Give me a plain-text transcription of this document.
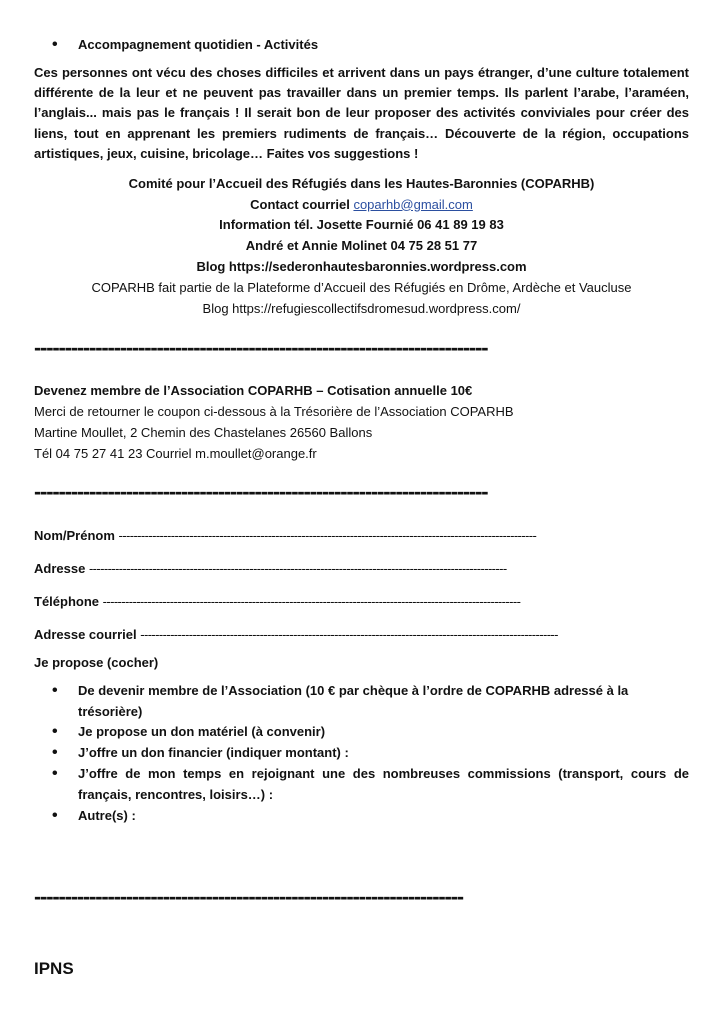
• Accompagnement quotidien - Activités
Ces personnes ont vécu des choses difficiles et arrivent dans un pays étranger, d’une culture totalement différente de la leur et ne peuvent pas travailler dans un premier temps. Ils parlent l’arabe, l’araméen, l’anglais... mais pas le français ! Il serait bon de leur proposer des activités conviviales pour créer des liens, tout en apprenant les premiers rudiments de français… Découverte de la région, occupations artistiques, jeux, cuisine, bricolage… Faites vos suggestions !
Comité pour l’Accueil des Réfugiés dans les Hautes-Baronnies (COPARHB)
Contact courriel coparhb@gmail.com
Information tél. Josette Fournié 06 41 89 19 83
André et Annie Molinet 04 75 28 51 77
Blog https://sederonhautesbaronnies.wordpress.com
COPARHB fait partie de la Plateforme d’Accueil des Réfugiés en Drôme, Ardèche et Vaucluse
Blog https://refugiescollectifsdromesud.wordpress.com/
--------------------------------------------------------------------------
Devenez membre de l’Association COPARHB – Cotisation annuelle 10€
Merci de retourner le coupon ci-dessous à la Trésorière de l’Association COPARHB
Martine Moullet, 2 Chemin des Chastelanes 26560 Ballons
Tél 04 75 27 41 23 Courriel m.moullet@orange.fr
--------------------------------------------------------------------------
Nom/Prénom ----------------------------------------------------------------------------------------------------------------
Adresse ----------------------------------------------------------------------------------------------------------------
Téléphone ----------------------------------------------------------------------------------------------------------------
Adresse courriel ----------------------------------------------------------------------------------------------------------------
Je propose (cocher)
• De devenir membre de l’Association (10 € par chèque à l’ordre de COPARHB adressé à la trésorière)
• Je propose un don matériel (à convenir)
• J’offre un don financier (indiquer montant) :
• J’offre de mon temps en rejoignant une des nombreuses commissions (transport, cours de français, rencontres, loisirs…) :
• Autre(s) :
----------------------------------------------------------------------
IPNS
